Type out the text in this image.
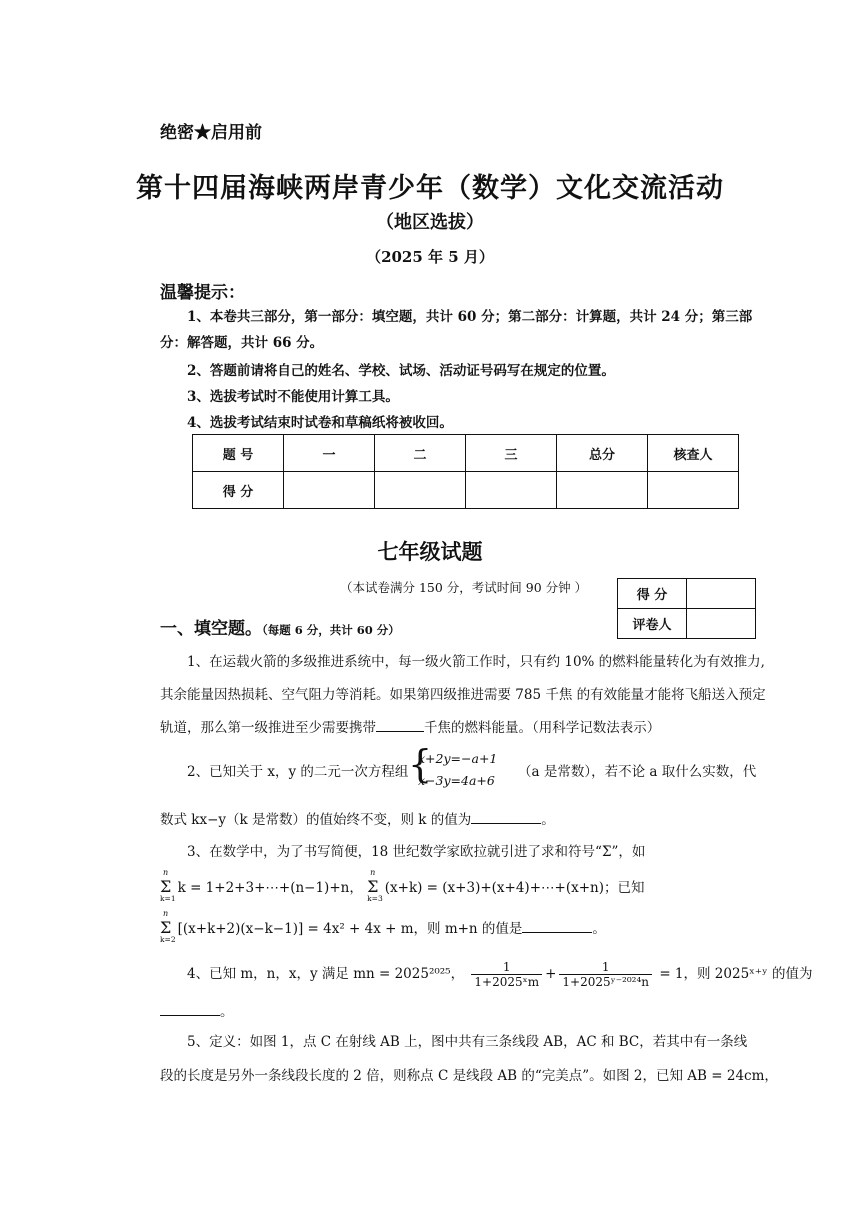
绝密★启用前
第十四届海峡两岸青少年（数学）文化交流活动
（地区选拔）
（2025 年 5 月）
温馨提示：
1、本卷共三部分，第一部分：填空题，共计 60 分；第二部分：计算题，共计 24 分；第三部分：解答题，共计 66 分。
2、答题前请将自己的姓名、学校、试场、活动证号码写在规定的位置。
3、选拔考试时不能使用计算工具。
4、选拔考试结束时试卷和草稿纸将被收回。
题 号	一	二	三	总分	核查人
得 分					
七年级试题
（本试卷满分 150 分，考试时间 90 分钟 ）
得 分	
评卷人	
一、填空题。（每题 6 分，共计 60 分）
1、在运载火箭的多级推进系统中，每一级火箭工作时，只有约 10% 的燃料能量转化为有效推力,其余能量因热损耗、空气阻力等消耗。如果第四级推进需要 785 千焦 的有效能量才能将飞船送入预定轨道，那么第一级推进至少需要携带	千焦的燃料能量。（用科学记数法表示）
2、已知关于 x，y 的二元一次方程组 {
x+2y=−a+1
x−3y=4a+6
（a 是常数），若不论 a 取什么实数，代
数式 kx−y（k 是常数）的值始终不变，则 k 的值为	。
3、在数学中，为了书写简便，18 世纪数学家欧拉就引进了求和符号“Σ”，如
Σ
n
k=1
k = 1+2+3+⋯+(n−1)+n， Σ
n
k=3
(x+k) = (x+3)+(x+4)+⋯+(x+n)；已知
Σ
n
k=2
[(x+k+2)(x−k−1)] = 4x² + 4x + m，则 m+n 的值是	。
4、已知 m，n，x，y 满足 mn = 2025²⁰²⁵， $\frac{1}{\text{1+2025ˣm}} + \frac{1}{\text{1+2025ʸ⁻²⁰²⁴n}} = 1$，则 2025ˣ⁺ʸ 的值为
。
5、定义：如图 1，点 C 在射线 AB 上，图中共有三条线段 AB，AC 和 BC，若其中有一条线
段的长度是另外一条线段长度的 2 倍，则称点 C 是线段 AB 的“完美点”。如图 2，已知 AB = 24cm，
